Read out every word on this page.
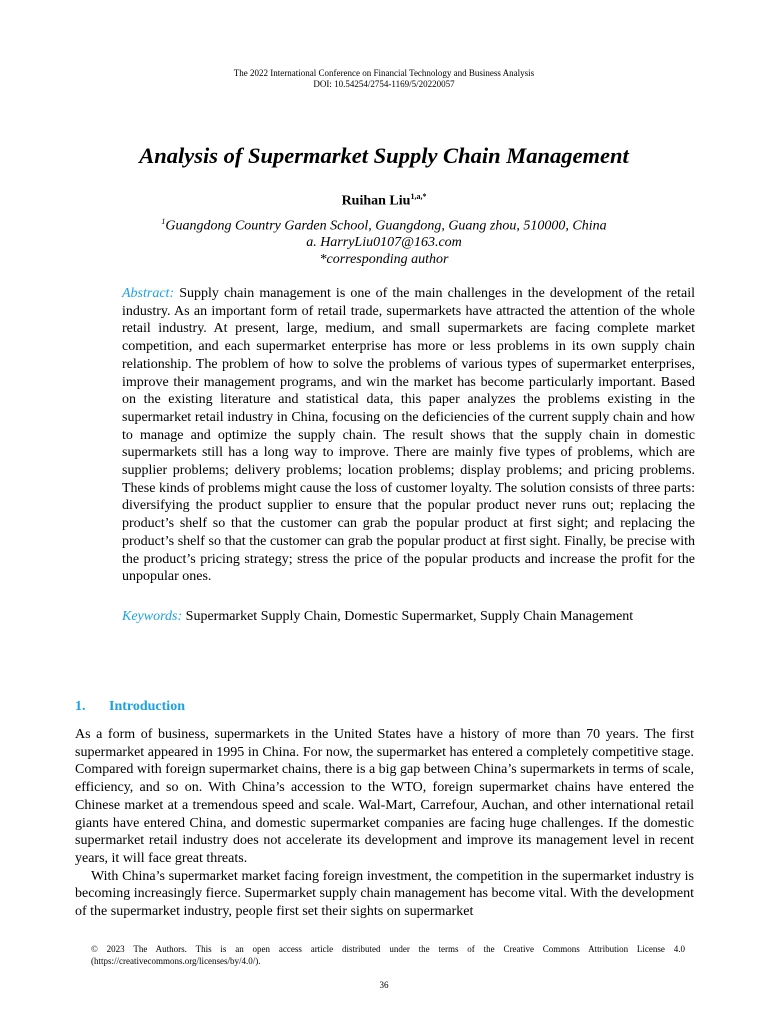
The 2022 International Conference on Financial Technology and Business Analysis
DOI: 10.54254/2754-1169/5/20220057
Analysis of Supermarket Supply Chain Management
Ruihan Liu$^{1,a,*}$
$^1$Guangdong Country Garden School, Guangdong, Guang zhou, 510000, China
a. HarryLiu0107@163.com
*corresponding author

Abstract: Supply chain management is one of the main challenges in the development of the retail industry. As an important form of retail trade, supermarkets have attracted the attention of the whole retail industry. At present, large, medium, and small supermarkets are facing complete market competition, and each supermarket enterprise has more or less problems in its own supply chain relationship. The problem of how to solve the problems of various types of supermarket enterprises, improve their management programs, and win the market has become particularly important. Based on the existing literature and statistical data, this paper analyzes the problems existing in the supermarket retail industry in China, focusing on the deficiencies of the current supply chain and how to manage and optimize the supply chain. The result shows that the supply chain in domestic supermarkets still has a long way to improve. There are mainly five types of problems, which are supplier problems; delivery problems; location problems; display problems; and pricing problems. These kinds of problems might cause the loss of customer loyalty. The solution consists of three parts: diversifying the product supplier to ensure that the popular product never runs out; replacing the product’s shelf so that the customer can grab the popular product at first sight; and replacing the product’s shelf so that the customer can grab the popular product at first sight. Finally, be precise with the product’s pricing strategy; stress the price of the popular products and increase the profit for the unpopular ones.

Keywords: Supermarket Supply Chain, Domestic Supermarket, Supply Chain Management

1. Introduction

As a form of business, supermarkets in the United States have a history of more than 70 years. The first supermarket appeared in 1995 in China. For now, the supermarket has entered a completely competitive stage. Compared with foreign supermarket chains, there is a big gap between China’s supermarkets in terms of scale, efficiency, and so on. With China’s accession to the WTO, foreign supermarket chains have entered the Chinese market at a tremendous speed and scale. Wal-Mart, Carrefour, Auchan, and other international retail giants have entered China, and domestic supermarket companies are facing huge challenges. If the domestic supermarket retail industry does not accelerate its development and improve its management level in recent years, it will face great threats.

With China’s supermarket market facing foreign investment, the competition in the supermarket industry is becoming increasingly fierce. Supermarket supply chain management has become vital. With the development of the supermarket industry, people first set their sights on supermarket

© 2023 The Authors. This is an open access article distributed under the terms of the Creative Commons Attribution License 4.0 (https://creativecommons.org/licenses/by/4.0/).

36
